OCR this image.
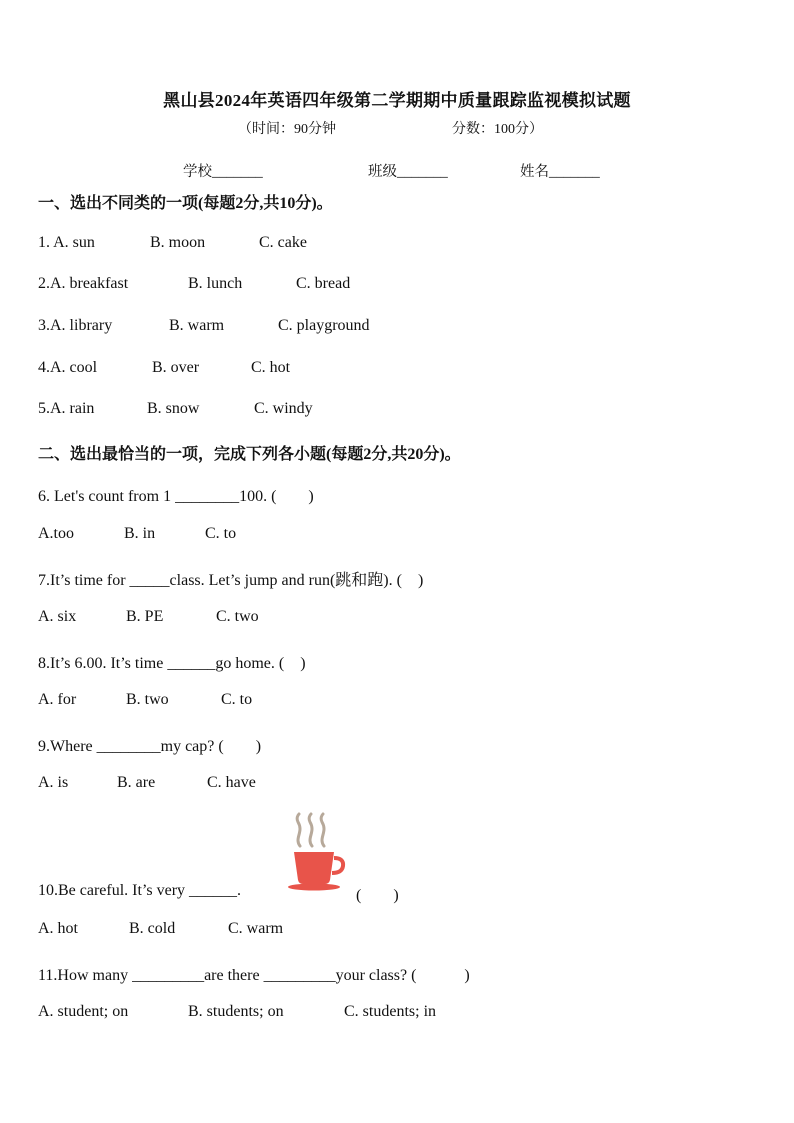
黑山县2024年英语四年级第二学期期中质量跟踪监视模拟试题
（时间：90分钟	分数：100分）
学校_______	班级_______	姓名_______
一、选出不同类的一项(每题2分,共10分)。
1. A. sun	B. moon	C. cake
2.A. breakfast	B. lunch	C. bread
3.A. library	B. warm	C. playground
4.A. cool	B. over	C. hot
5.A. rain	B. snow	C. windy
二、选出最恰当的一项，完成下列各小题(每题2分,共20分)。
6. Let's count from 1 ________100. (　　)
A.too	B. in	C. to
7.It’s time for _____class. Let’s jump and run(跳和跑). (　)
A. six	B. PE	C. two
8.It’s 6.00. It’s time ______go home. (　)
A. for	B. two	C. to
9.Where ________my cap? (　　)
A. is	B. are	C. have
10.Be careful. It’s very ______.	(　　)
A. hot	B. cold	C. warm
11.How many _________are there _________your class? (　　　)
A. student; on	B. students; on	C. students; in
